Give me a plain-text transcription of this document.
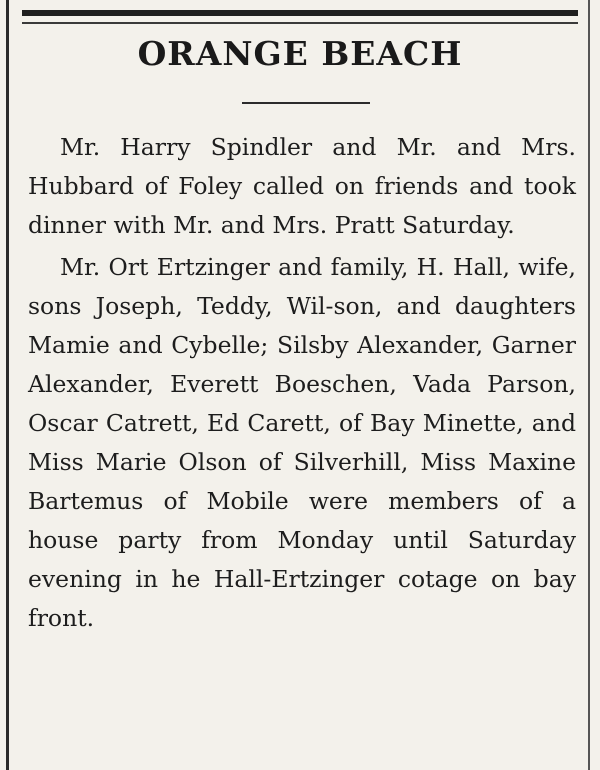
ORANGE BEACH

Mr. Harry Spindler and Mr. and Mrs. Hubbard of Foley called on friends and took dinner with Mr. and Mrs. Pratt Saturday.

Mr. Ort Ertzinger and family, H. Hall, wife, sons Joseph, Teddy, Wil-son, and daughters Mamie and Cybelle; Silsby Alexander, Garner Alexander, Everett Boeschen, Vada Parson, Oscar Catrett, Ed Carett, of Bay Minette, and Miss Marie Olson of Silverhill, Miss Maxine Bartemus of Mobile were members of a house party from Monday until Saturday evening in he Hall-Ertzinger cotage on bay front.
